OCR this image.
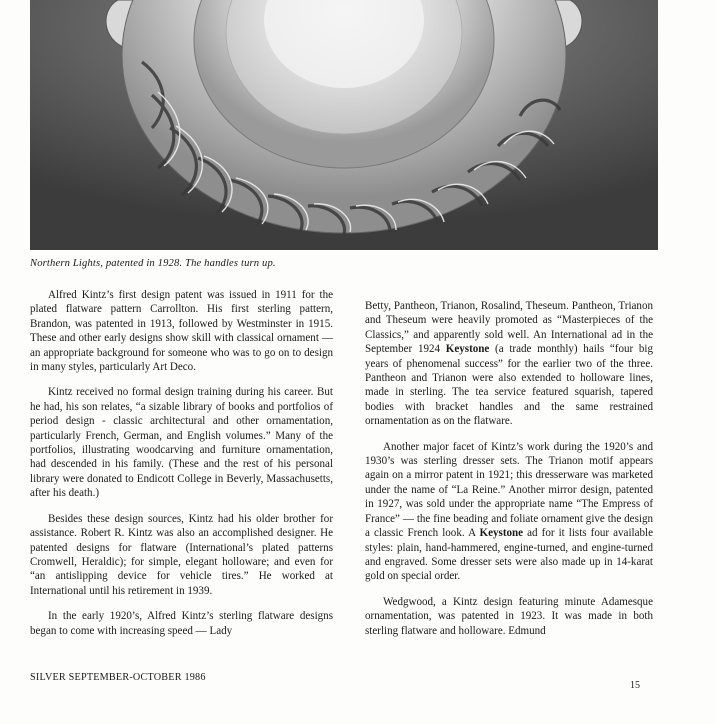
Northern Lights, patented in 1928. The handles turn up.

Alfred Kintz’s first design patent was issued in 1911 for the plated flatware pattern Carrollton. His first sterling pattern, Brandon, was patented in 1913, followed by Westminster in 1915. These and other early designs show skill with classical ornament — an appropriate background for someone who was to go on to design in many styles, particularly Art Deco.

Kintz received no formal design training during his career. But he had, his son relates, “a sizable library of books and portfolios of period design - classic architectural and other ornamentation, particularly French, German, and English volumes.” Many of the portfolios, illustrating woodcarving and furniture ornamentation, had descended in his family. (These and the rest of his personal library were donated to Endicott College in Beverly, Massachusetts, after his death.)

Besides these design sources, Kintz had his older brother for assistance. Robert R. Kintz was also an accomplished designer. He patented designs for flatware (International’s plated patterns Cromwell, Heraldic); for simple, elegant holloware; and even for “an antislipping device for vehicle tires.” He worked at International until his retirement in 1939.

In the early 1920’s, Alfred Kintz’s sterling flatware designs began to come with increasing speed — Lady

Betty, Pantheon, Trianon, Rosalind, Theseum. Pantheon, Trianon and Theseum were heavily promoted as “Masterpieces of the Classics,” and apparently sold well. An International ad in the September 1924 Keystone (a trade monthly) hails “four big years of phenomenal success” for the earlier two of the three. Pantheon and Trianon were also extended to holloware lines, made in sterling. The tea service featured squarish, tapered bodies with bracket handles and the same restrained ornamentation as on the flatware.

Another major facet of Kintz’s work during the 1920’s and 1930’s was sterling dresser sets. The Trianon motif appears again on a mirror patent in 1921; this dresserware was marketed under the name of “La Reine.” Another mirror design, patented in 1927, was sold under the appropriate name “The Empress of France” — the fine beading and foliate ornament give the design a classic French look. A Keystone ad for it lists four available styles: plain, hand-hammered, engine-turned, and engine-turned and engraved. Some dresser sets were also made up in 14-karat gold on special order.

Wedgwood, a Kintz design featuring minute Adamesque ornamentation, was patented in 1923. It was made in both sterling flatware and holloware. Edmund

SILVER SEPTEMBER-OCTOBER 1986
15
